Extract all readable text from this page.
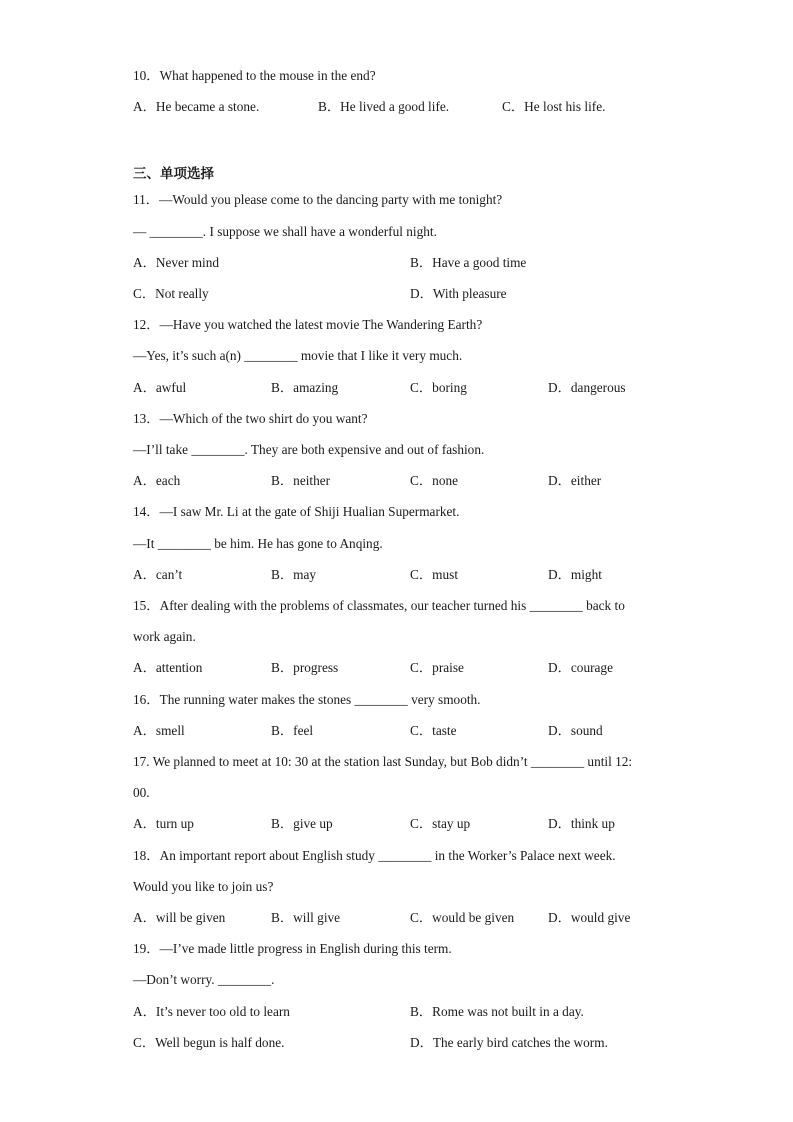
10．What happened to the mouse in the end?
A．He became a stone.	B．He lived a good life.	C．He lost his life.
三、单项选择
11．—Would you please come to the dancing party with me tonight?
— ________. I suppose we shall have a wonderful night.
A．Never mind	B．Have a good time
C．Not really	D．With pleasure
12．—Have you watched the latest movie The Wandering Earth?
—Yes, it’s such a(n) ________ movie that I like it very much.
A．awful	B．amazing	C．boring	D．dangerous
13．—Which of the two shirt do you want?
—I’ll take ________. They are both expensive and out of fashion.
A．each	B．neither	C．none	D．either
14．—I saw Mr. Li at the gate of Shiji Hualian Supermarket.
—It ________ be him. He has gone to Anqing.
A．can’t	B．may	C．must	D．might
15．After dealing with the problems of classmates, our teacher turned his ________ back to
work again.
A．attention	B．progress	C．praise	D．courage
16．The running water makes the stones ________ very smooth.
A．smell	B．feel	C．taste	D．sound
17. We planned to meet at 10: 30 at the station last Sunday, but Bob didn’t ________ until 12:
00.
A．turn up	B．give up	C．stay up	D．think up
18．An important report about English study ________ in the Worker’s Palace next week.
Would you like to join us?
A．will be given	B．will give	C．would be given	D．would give
19．—I’ve made little progress in English during this term.
—Don’t worry. ________.
A．It’s never too old to learn	B．Rome was not built in a day.
C．Well begun is half done.	D．The early bird catches the worm.
